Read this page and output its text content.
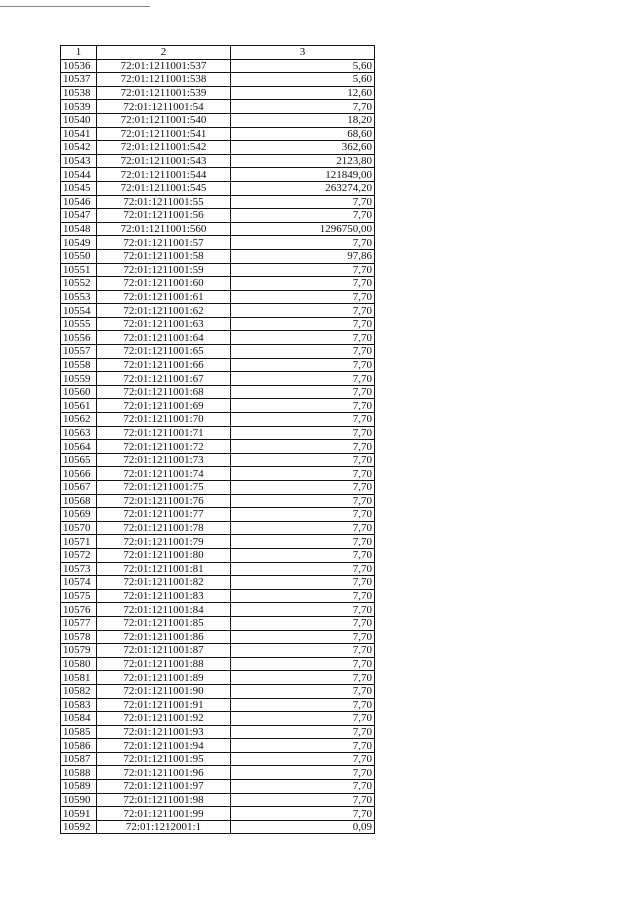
1	2	3
10536	72:01:1211001:537	5,60
10537	72:01:1211001:538	5,60
10538	72:01:1211001:539	12,60
10539	72:01:1211001:54	7,70
10540	72:01:1211001:540	18,20
10541	72:01:1211001:541	68,60
10542	72:01:1211001:542	362,60
10543	72:01:1211001:543	2123,80
10544	72:01:1211001:544	121849,00
10545	72:01:1211001:545	263274,20
10546	72:01:1211001:55	7,70
10547	72:01:1211001:56	7,70
10548	72:01:1211001:560	1296750,00
10549	72:01:1211001:57	7,70
10550	72:01:1211001:58	97,86
10551	72:01:1211001:59	7,70
10552	72:01:1211001:60	7,70
10553	72:01:1211001:61	7,70
10554	72:01:1211001:62	7,70
10555	72:01:1211001:63	7,70
10556	72:01:1211001:64	7,70
10557	72:01:1211001:65	7,70
10558	72:01:1211001:66	7,70
10559	72:01:1211001:67	7,70
10560	72:01:1211001:68	7,70
10561	72:01:1211001:69	7,70
10562	72:01:1211001:70	7,70
10563	72:01:1211001:71	7,70
10564	72:01:1211001:72	7,70
10565	72:01:1211001:73	7,70
10566	72:01:1211001:74	7,70
10567	72:01:1211001:75	7,70
10568	72:01:1211001:76	7,70
10569	72:01:1211001:77	7,70
10570	72:01:1211001:78	7,70
10571	72:01:1211001:79	7,70
10572	72:01:1211001:80	7,70
10573	72:01:1211001:81	7,70
10574	72:01:1211001:82	7,70
10575	72:01:1211001:83	7,70
10576	72:01:1211001:84	7,70
10577	72:01:1211001:85	7,70
10578	72:01:1211001:86	7,70
10579	72:01:1211001:87	7,70
10580	72:01:1211001:88	7,70
10581	72:01:1211001:89	7,70
10582	72:01:1211001:90	7,70
10583	72:01:1211001:91	7,70
10584	72:01:1211001:92	7,70
10585	72:01:1211001:93	7,70
10586	72:01:1211001:94	7,70
10587	72:01:1211001:95	7,70
10588	72:01:1211001:96	7,70
10589	72:01:1211001:97	7,70
10590	72:01:1211001:98	7,70
10591	72:01:1211001:99	7,70
10592	72:01:1212001:1	0,09
